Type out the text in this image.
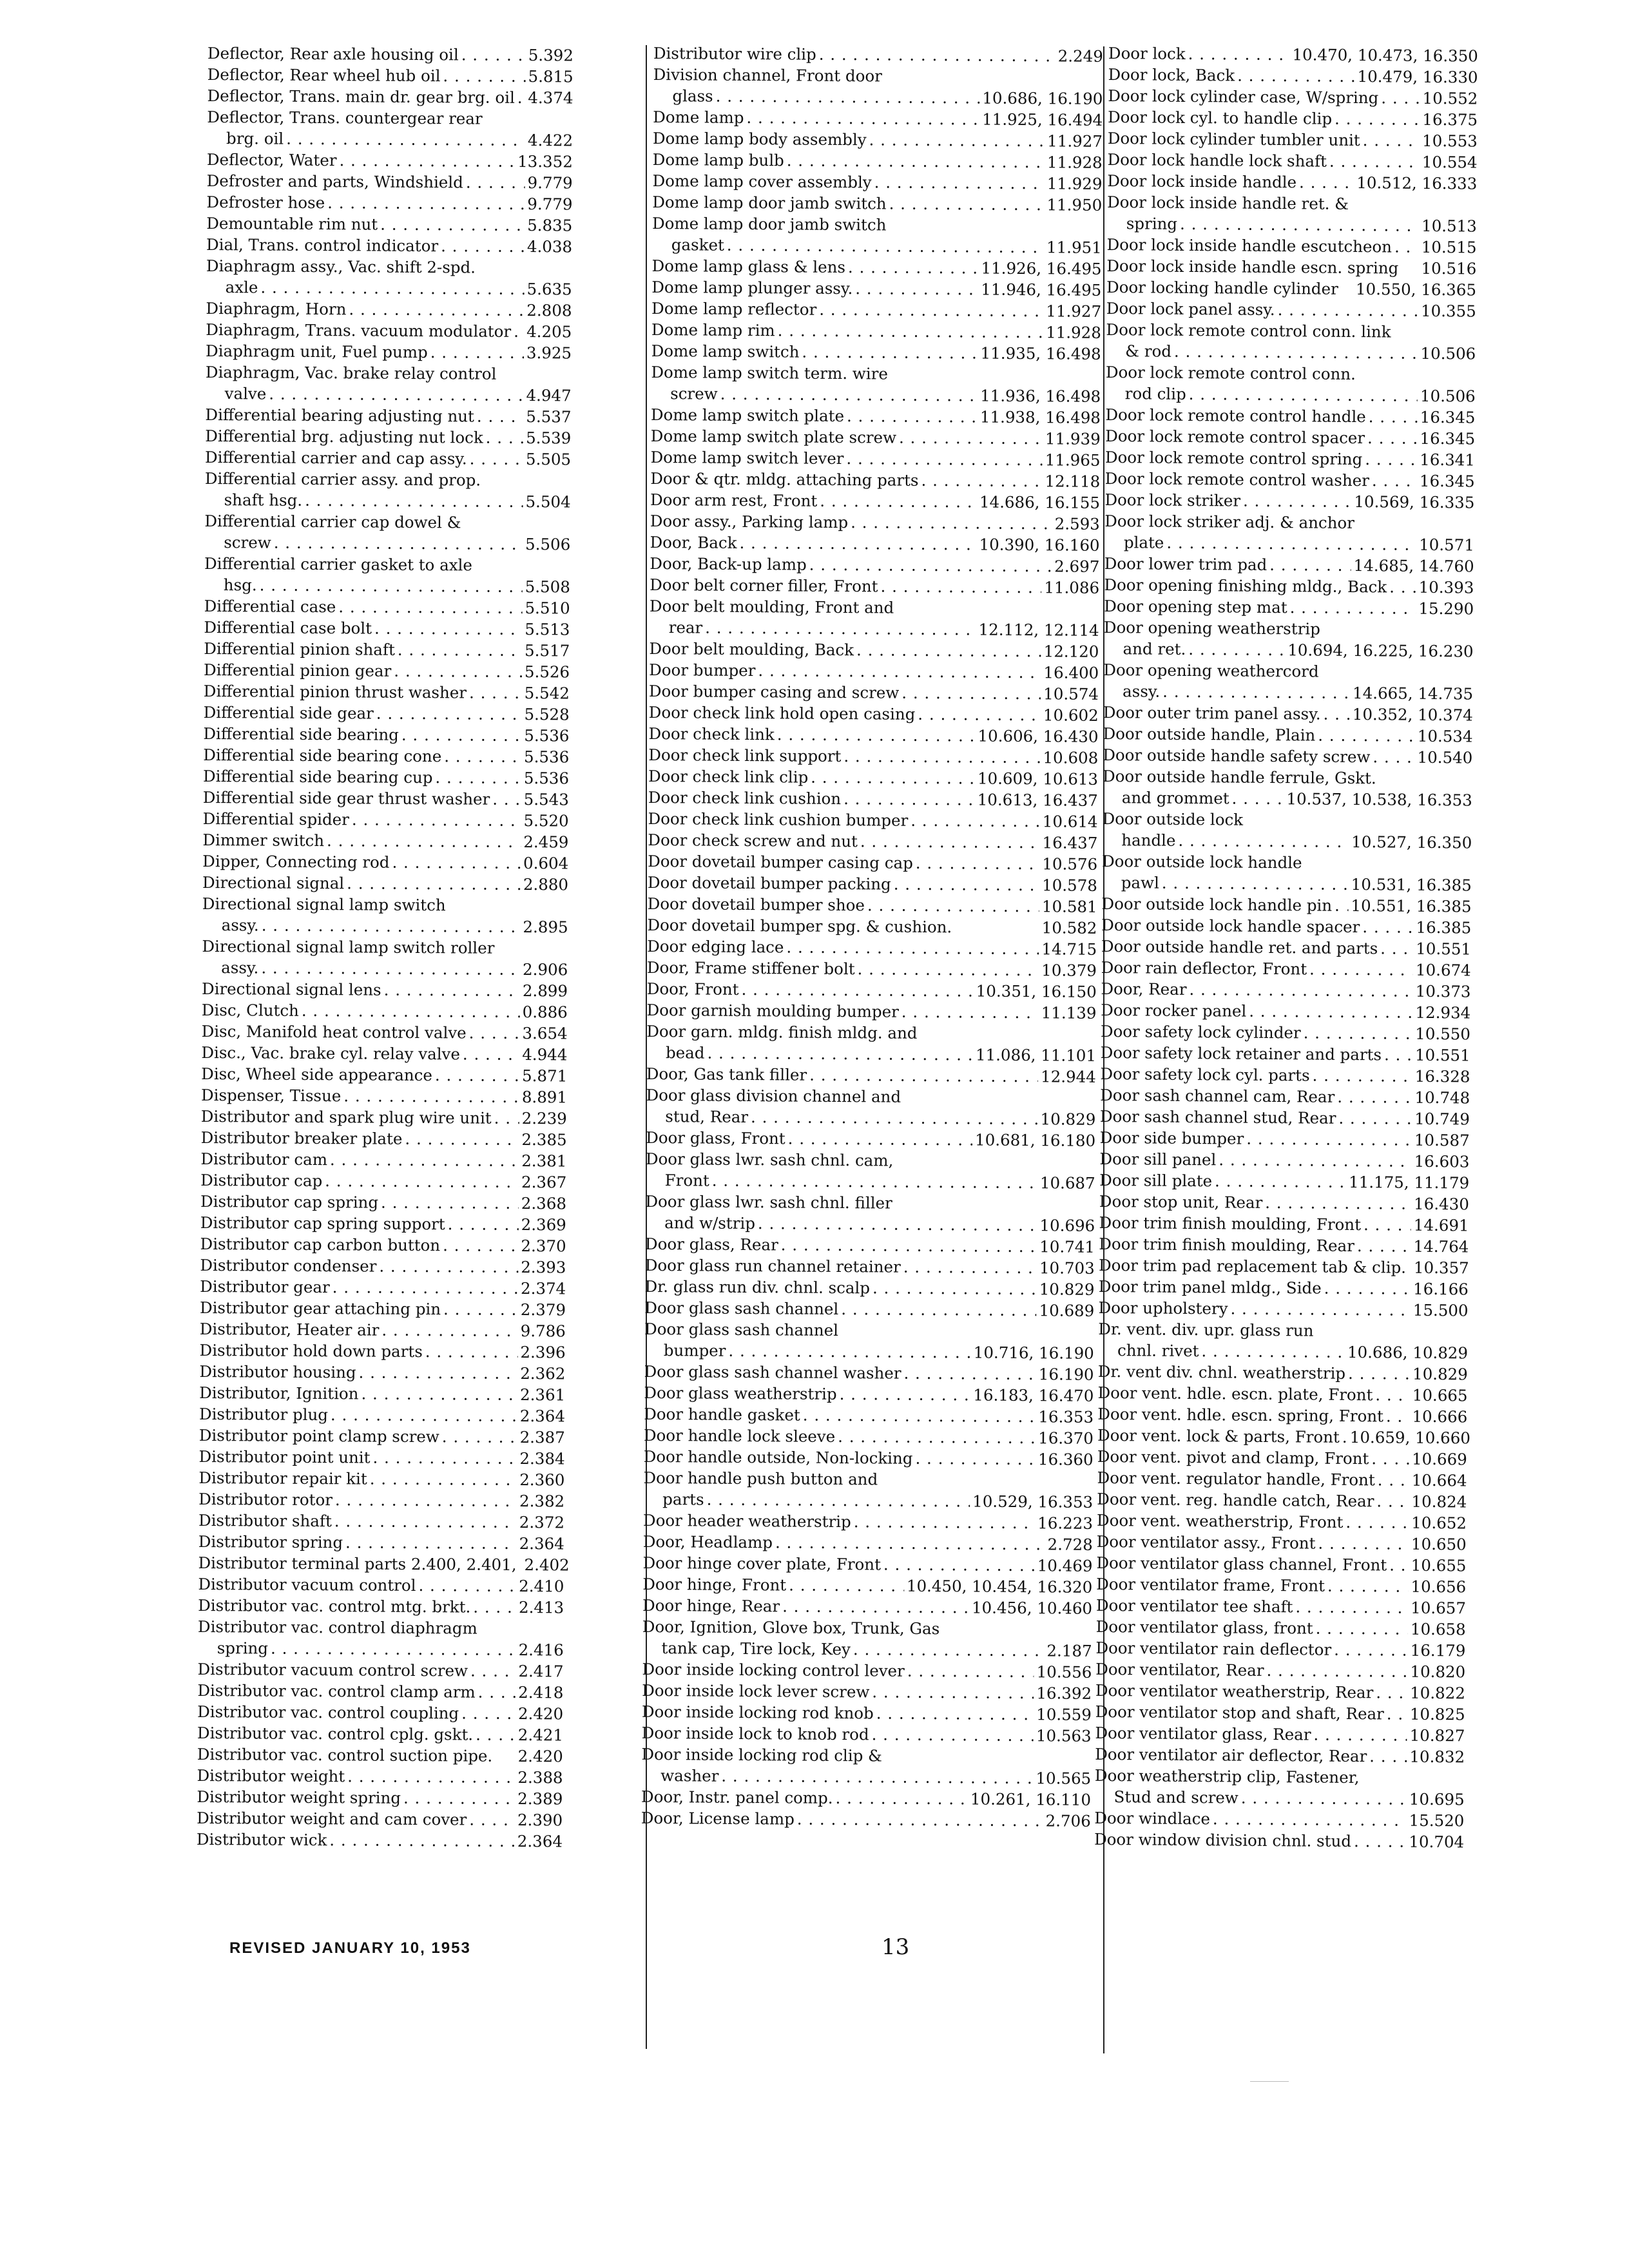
Deflector, Rear axle housing oil . . .	5.392
Deflector, Rear wheel hub oil . . .	5.815
Deflector, Trans. main dr. gear brg. oil . . . 4.374
Deflector, Trans. countergear rear
brg. oil . . .	4.422
Deflector, Water . . .	13.352
Defroster and parts, Windshield . . .	9.779
Defroster hose . . .	9.779
Demountable rim nut . . .	5.835
Dial, Trans. control indicator . . .	4.038
Diaphragm assy., Vac. shift 2-spd.
axle . . .	5.635
Diaphragm, Horn . . .	2.808
Diaphragm, Trans. vacuum modulator . . . 4.205
Diaphragm unit, Fuel pump . . .	3.925
Diaphragm, Vac. brake relay control
valve . . .	4.947
Differential bearing adjusting nut . . .	5.537
Differential brg. adjusting nut lock . . .	5.539
Differential carrier and cap assy. . . .	5.505
Differential carrier assy. and prop.
shaft hsg. . . .	5.504
Differential carrier cap dowel &
screw . . .	5.506
Differential carrier gasket to axle
hsg. . . .	5.508
Differential case . . .	5.510
Differential case bolt . . .	5.513
Differential pinion shaft . . .	5.517
Differential pinion gear . . .	5.526
Differential pinion thrust washer . . .	5.542
Differential side gear . . .	5.528
Differential side bearing . . .	5.536
Differential side bearing cone . . .	5.536
Differential side bearing cup . . .	5.536
Differential side gear thrust washer . . . 5.543
Differential spider . . .	5.520
Dimmer switch . . .	2.459
Dipper, Connecting rod . . .	0.604
Directional signal . . .	2.880
Directional signal lamp switch
assy. . . .	2.895
Directional signal lamp switch roller
assy. . . .	2.906
Directional signal lens . . .	2.899
Disc, Clutch . . .	0.886
Disc, Manifold heat control valve . . .	3.654
Disc., Vac. brake cyl. relay valve . . .	4.944
Disc, Wheel side appearance . . .	5.871
Dispenser, Tissue . . .	8.891
Distributor and spark plug wire unit . . . 2.239
Distributor breaker plate . . .	2.385
Distributor cam . . .	2.381
Distributor cap . . .	2.367
Distributor cap spring . . .	2.368
Distributor cap spring support . . .	2.369
Distributor cap carbon button . . .	2.370
Distributor condenser . . .	2.393
Distributor gear . . .	2.374
Distributor gear attaching pin . . .	2.379
Distributor, Heater air . . .	9.786
Distributor hold down parts . . .	2.396
Distributor housing . . .	2.362
Distributor, Ignition . . .	2.361
Distributor plug . . .	2.364
Distributor point clamp screw . . .	2.387
Distributor point unit . . .	2.384
Distributor repair kit . . .	2.360
Distributor rotor . . .	2.382
Distributor shaft . . .	2.372
Distributor spring . . .	2.364
Distributor terminal parts 2.400, 2.401, 2.402
Distributor vacuum control . . .	2.410
Distributor vac. control mtg. brkt. . . .	2.413
Distributor vac. control diaphragm
spring . . .	2.416
Distributor vacuum control screw . . .	2.417
Distributor vac. control clamp arm . . .	2.418
Distributor vac. control coupling . . .	2.420
Distributor vac. control cplg. gskt. . . .	2.421
Distributor vac. control suction pipe. 2.420
Distributor weight . . .	2.388
Distributor weight spring . . .	2.389
Distributor weight and cam cover . . .	2.390
Distributor wick . . .	2.364
Distributor wire clip . . .	2.249
Division channel, Front door
glass . . .	10.686, 16.190
Dome lamp . . .	11.925, 16.494
Dome lamp body assembly . . .	11.927
Dome lamp bulb . . .	11.928
Dome lamp cover assembly . . .	11.929
Dome lamp door jamb switch . . .	11.950
Dome lamp door jamb switch
gasket . . .	11.951
Dome lamp glass & lens . . .	11.926, 16.495
Dome lamp plunger assy. . . .	11.946, 16.495
Dome lamp reflector . . .	11.927
Dome lamp rim . . .	11.928
Dome lamp switch . . .	11.935, 16.498
Dome lamp switch term. wire
screw . . .	11.936, 16.498
Dome lamp switch plate . . .	11.938, 16.498
Dome lamp switch plate screw . . .	11.939
Dome lamp switch lever . . .	11.965
Door & qtr. mldg. attaching parts . . .	12.118
Door arm rest, Front . . .	14.686, 16.155
Door assy., Parking lamp . . .	2.593
Door, Back . . .	10.390, 16.160
Door, Back-up lamp . . .	2.697
Door belt corner filler, Front . . .	11.086
Door belt moulding, Front and
rear . . .	12.112, 12.114
Door belt moulding, Back . . .	12.120
Door bumper . . .	16.400
Door bumper casing and screw . . .	10.574
Door check link hold open casing . . .	10.602
Door check link . . .	10.606, 16.430
Door check link support . . .	10.608
Door check link clip . . .	10.609, 10.613
Door check link cushion . . .	10.613, 16.437
Door check link cushion bumper . . .	10.614
Door check screw and nut . . .	16.437
Door dovetail bumper casing cap . . .	10.576
Door dovetail bumper packing . . .	10.578
Door dovetail bumper shoe . . .	10.581
Door dovetail bumper spg. & cushion.	10.582
Door edging lace . . .	14.715
Door, Frame stiffener bolt . . .	10.379
Door, Front . . .	10.351, 16.150
Door garnish moulding bumper . . .	11.139
Door garn. mldg. finish mldg. and
bead . . .	11.086, 11.101
Door, Gas tank filler . . .	12.944
Door glass division channel and
stud, Rear . . .	10.829
Door glass, Front . . .	10.681, 16.180
Door glass lwr. sash chnl. cam,
Front . . .	10.687
Door glass lwr. sash chnl. filler
and w/strip . . .	10.696
Door glass, Rear . . .	10.741
Door glass run channel retainer . . .	10.703
Dr. glass run div. chnl. scalp . . .	10.829
Door glass sash channel . . .	10.689
Door glass sash channel
bumper . . .	10.716, 16.190
Door glass sash channel washer . . .	16.190
Door glass weatherstrip . . .	16.183, 16.470
Door handle gasket . . .	16.353
Door handle lock sleeve . . .	16.370
Door handle outside, Non-locking . . .	16.360
Door handle push button and
parts . . .	10.529, 16.353
Door header weatherstrip . . .	16.223
Door, Headlamp . . .	2.728
Door hinge cover plate, Front . . .	10.469
Door hinge, Front . . .	10.450, 10.454, 16.320
Door hinge, Rear . . .	10.456, 10.460
Door, Ignition, Glove box, Trunk, Gas
tank cap, Tire lock, Key . . .	2.187
Door inside locking control lever . . .	10.556
Door inside lock lever screw . . .	16.392
Door inside locking rod knob . . .	10.559
Door inside lock to knob rod . . .	10.563
Door inside locking rod clip &
washer . . .	10.565
Door, Instr. panel comp. . . .	10.261, 16.110
Door, License lamp . . .	2.706
Door lock . . .	10.470, 10.473, 16.350
Door lock, Back . . .	10.479, 16.330
Door lock cylinder case, W/spring . . .	10.552
Door lock cyl. to handle clip . . .	16.375
Door lock cylinder tumbler unit . . .	10.553
Door lock handle lock shaft . . .	10.554
Door lock inside handle . . .	10.512, 16.333
Door lock inside handle ret. &
spring . . .	10.513
Door lock inside handle escutcheon . . . 10.515
Door lock inside handle escn. spring 10.516
Door locking handle cylinder 10.550, 16.365
Door lock panel assy. . . .	10.355
Door lock remote control conn. link
& rod . . .	10.506
Door lock remote control conn.
rod clip . . .	10.506
Door lock remote control handle . . .	16.345
Door lock remote control spacer . . .	16.345
Door lock remote control spring . . .	16.341
Door lock remote control washer . . .	16.345
Door lock striker . . .	10.569, 16.335
Door lock striker adj. & anchor
plate . . .	10.571
Door lower trim pad . . .	14.685, 14.760
Door opening finishing mldg., Back . . . 10.393
Door opening step mat . . .	15.290
Door opening weatherstrip
and ret. . . .	10.694, 16.225, 16.230
Door opening weathercord
assy. . . .	14.665, 14.735
Door outer trim panel assy. . . . 10.352, 10.374
Door outside handle, Plain . . .	10.534
Door outside handle safety screw . . .	10.540
Door outside handle ferrule, Gskt.
and grommet . . .	10.537, 10.538, 16.353
Door outside lock
handle . . .	10.527, 16.350
Door outside lock handle
pawl . . .	10.531, 16.385
Door outside lock handle pin . . . 10.551, 16.385
Door outside lock handle spacer . . .	16.385
Door outside handle ret. and parts . . . 10.551
Door rain deflector, Front . . .	10.674
Door, Rear . . .	10.373
Door rocker panel . . .	12.934
Door safety lock cylinder . . .	10.550
Door safety lock retainer and parts . . . 10.551
Door safety lock cyl. parts . . .	16.328
Door sash channel cam, Rear . . .	10.748
Door sash channel stud, Rear . . .	10.749
Door side bumper . . .	10.587
Door sill panel . . .	16.603
Door sill plate . . .	11.175, 11.179
Door stop unit, Rear . . .	16.430
Door trim finish moulding, Front . . .	14.691
Door trim finish moulding, Rear . . .	14.764
Door trim pad replacement tab & clip. 10.357
Door trim panel mldg., Side . . .	16.166
Door upholstery . . .	15.500
Dr. vent. div. upr. glass run
chnl. rivet . . .	10.686, 10.829
Dr. vent div. chnl. weatherstrip . . .	10.829
Door vent. hdle. escn. plate, Front . . . 10.665
Door vent. hdle. escn. spring, Front . . . 10.666
Door vent. lock & parts, Front . . . 10.659, 10.660
Door vent. pivot and clamp, Front . . .	10.669
Door vent. regulator handle, Front . . . 10.664
Door vent. reg. handle catch, Rear . . . 10.824
Door vent. weatherstrip, Front . . .	10.652
Door ventilator assy., Front . . .	10.650
Door ventilator glass channel, Front . . . 10.655
Door ventilator frame, Front . . .	10.656
Door ventilator tee shaft . . .	10.657
Door ventilator glass, front . . .	10.658
Door ventilator rain deflector . . .	16.179
Door ventilator, Rear . . .	10.820
Door ventilator weatherstrip, Rear . . . 10.822
Door ventilator stop and shaft, Rear . . . 10.825
Door ventilator glass, Rear . . .	10.827
Door ventilator air deflector, Rear . . .	10.832
Door weatherstrip clip, Fastener,
Stud and screw . . .	10.695
Door windlace . . .	15.520
Door window division chnl. stud . . .	10.704
REVISED JANUARY 10, 1953	13
